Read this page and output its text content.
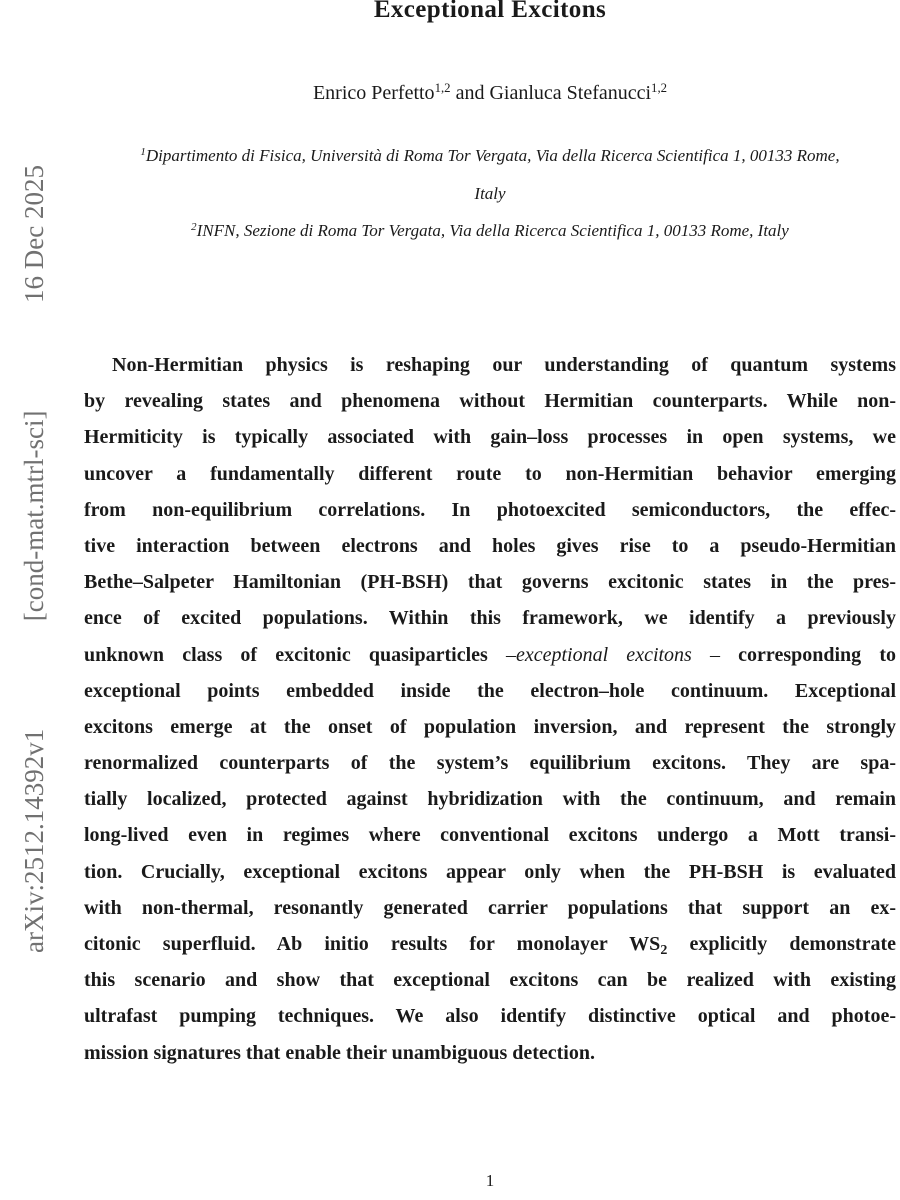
arXiv:2512.14392v1
[cond-mat.mtrl-sci]
16 Dec 2025
Exceptional Excitons
Enrico Perfetto$^{1,2}$ and Gianluca Stefanucci$^{1,2}$
$^1$Dipartimento di Fisica, Università di Roma Tor Vergata, Via della Ricerca Scientifica 1, 00133 Rome,
Italy
$^2$INFN, Sezione di Roma Tor Vergata, Via della Ricerca Scientifica 1, 00133 Rome, Italy
Non-Hermitian physics is reshaping our understanding of quantum systems
by revealing states and phenomena without Hermitian counterparts. While non-
Hermiticity is typically associated with gain–loss processes in open systems, we
uncover a fundamentally different route to non-Hermitian behavior emerging
from non-equilibrium correlations. In photoexcited semiconductors, the effec-
tive interaction between electrons and holes gives rise to a pseudo-Hermitian
Bethe–Salpeter Hamiltonian (PH-BSH) that governs excitonic states in the pres-
ence of excited populations. Within this framework, we identify a previously
unknown class of excitonic quasiparticles –exceptional excitons – corresponding to
exceptional points embedded inside the electron–hole continuum. Exceptional
excitons emerge at the onset of population inversion, and represent the strongly
renormalized counterparts of the system’s equilibrium excitons. They are spa-
tially localized, protected against hybridization with the continuum, and remain
long-lived even in regimes where conventional excitons undergo a Mott transi-
tion. Crucially, exceptional excitons appear only when the PH-BSH is evaluated
with non-thermal, resonantly generated carrier populations that support an ex-
citonic superfluid. Ab initio results for monolayer WS2 explicitly demonstrate
this scenario and show that exceptional excitons can be realized with existing
ultrafast pumping techniques. We also identify distinctive optical and photoe-
mission signatures that enable their unambiguous detection.
1
